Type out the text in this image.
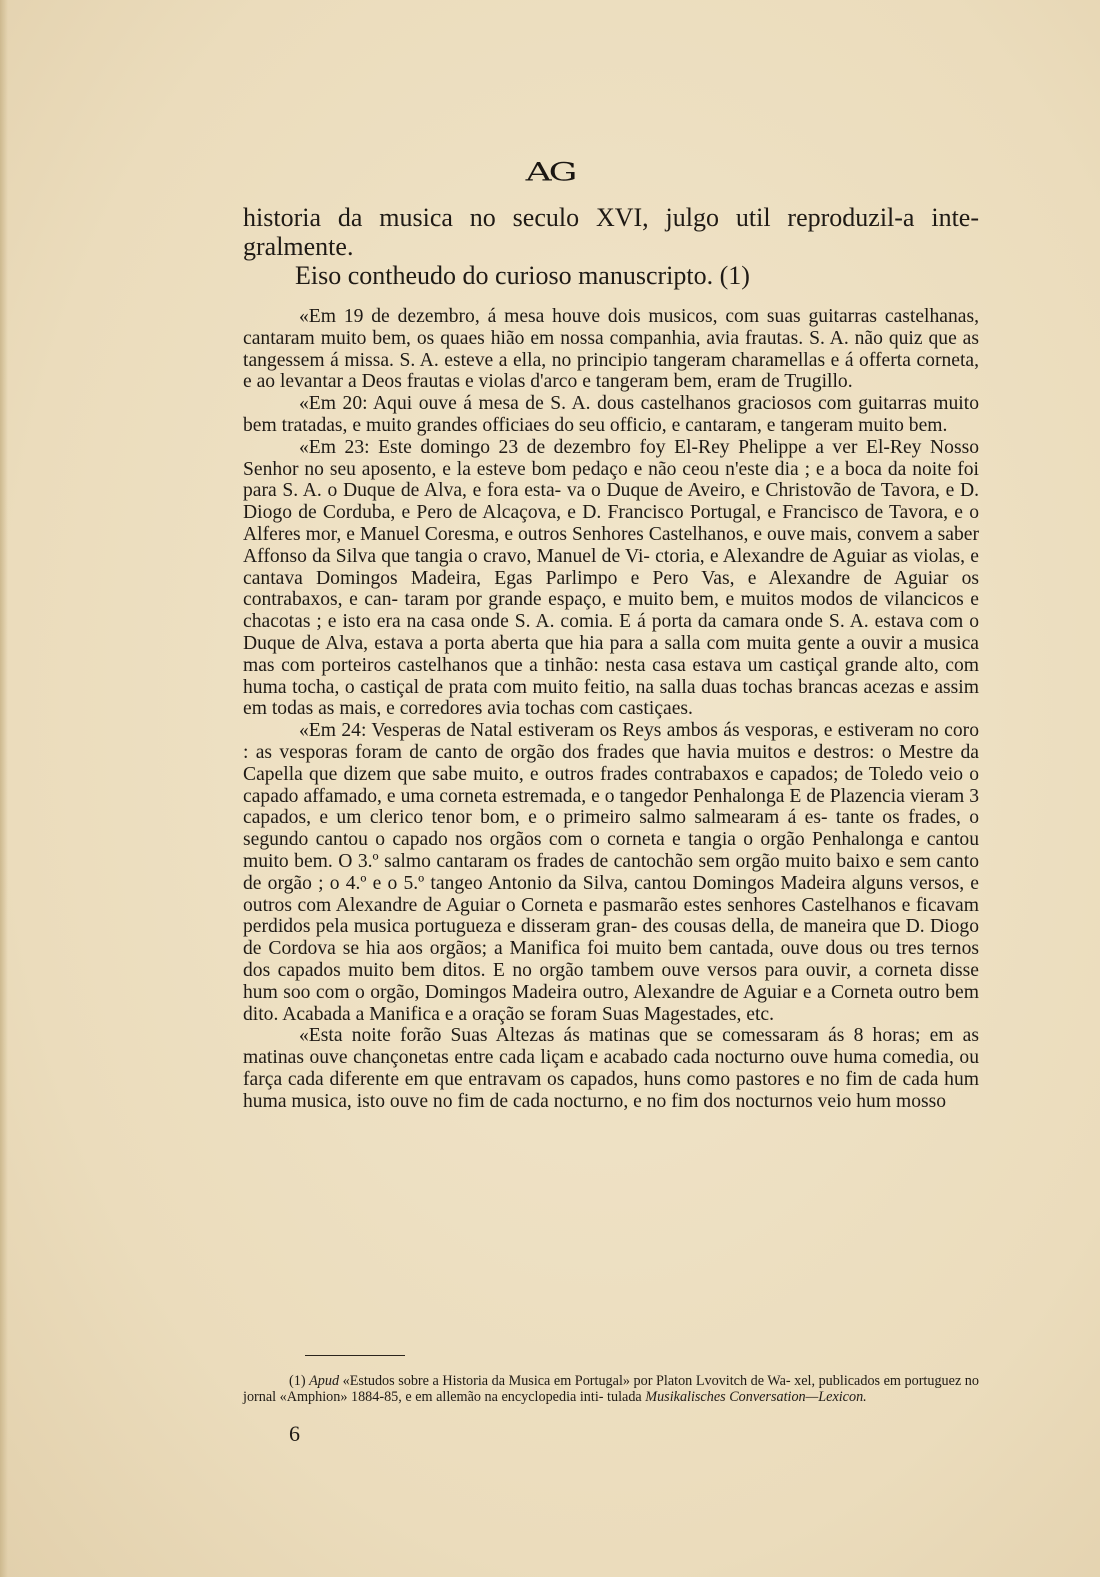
AG

historia da musica no seculo XVI, julgo util reproduzil-a inte- gralmente.

Eiso contheudo do curioso manuscripto. (1)

«Em 19 de dezembro, á mesa houve dois musicos, com suas guitarras castelhanas, cantaram muito bem, os quaes hião em nossa companhia, avia frautas. S. A. não quiz que as tangessem á missa. S. A. esteve a ella, no principio tangeram charamellas e á offerta corneta, e ao levantar a Deos frautas e violas d'arco e tangeram bem, eram de Trugillo.

«Em 20: Aqui ouve á mesa de S. A. dous castelhanos graciosos com guitarras muito bem tratadas, e muito grandes officiaes do seu officio, e cantaram, e tangeram muito bem.

«Em 23: Este domingo 23 de dezembro foy El-Rey Phelippe a ver El-Rey Nosso Senhor no seu aposento, e la esteve bom pedaço e não ceou n'este dia ; e a boca da noite foi para S. A. o Duque de Alva, e fora esta- va o Duque de Aveiro, e Christovão de Tavora, e D. Diogo de Corduba, e Pero de Alcaçova, e D. Francisco Portugal, e Francisco de Tavora, e o Alferes mor, e Manuel Coresma, e outros Senhores Castelhanos, e ouve mais, convem a saber Affonso da Silva que tangia o cravo, Manuel de Vi- ctoria, e Alexandre de Aguiar as violas, e cantava Domingos Madeira, Egas Parlimpo e Pero Vas, e Alexandre de Aguiar os contrabaxos, e can- taram por grande espaço, e muito bem, e muitos modos de vilancicos e chacotas ; e isto era na casa onde S. A. comia. E á porta da camara onde S. A. estava com o Duque de Alva, estava a porta aberta que hia para a salla com muita gente a ouvir a musica mas com porteiros castelhanos que a tinhão: nesta casa estava um castiçal grande alto, com huma tocha, o castiçal de prata com muito feitio, na salla duas tochas brancas acezas e assim em todas as mais, e corredores avia tochas com castiçaes.

«Em 24: Vesperas de Natal estiveram os Reys ambos ás vesporas, e estiveram no coro : as vesporas foram de canto de orgão dos frades que havia muitos e destros: o Mestre da Capella que dizem que sabe muito, e outros frades contrabaxos e capados; de Toledo veio o capado affamado, e uma corneta estremada, e o tangedor Penhalonga E de Plazencia vieram 3 capados, e um clerico tenor bom, e o primeiro salmo salmearam á es- tante os frades, o segundo cantou o capado nos orgãos com o corneta e tangia o orgão Penhalonga e cantou muito bem. O 3.º salmo cantaram os frades de cantochão sem orgão muito baixo e sem canto de orgão ; o 4.º e o 5.º tangeo Antonio da Silva, cantou Domingos Madeira alguns versos, e outros com Alexandre de Aguiar o Corneta e pasmarão estes senhores Castelhanos e ficavam perdidos pela musica portugueza e disseram gran- des cousas della, de maneira que D. Diogo de Cordova se hia aos orgãos; a Manifica foi muito bem cantada, ouve dous ou tres ternos dos capados muito bem ditos. E no orgão tambem ouve versos para ouvir, a corneta disse hum soo com o orgão, Domingos Madeira outro, Alexandre de Aguiar e a Corneta outro bem dito. Acabada a Manifica e a oração se foram Suas Magestades, etc.

«Esta noite forão Suas Altezas ás matinas que se comessaram ás 8 horas; em as matinas ouve chançonetas entre cada liçam e acabado cada nocturno ouve huma comedia, ou farça cada diferente em que entravam os capados, huns como pastores e no fim de cada hum huma musica, isto ouve no fim de cada nocturno, e no fim dos nocturnos veio hum mosso

(1) Apud «Estudos sobre a Historia da Musica em Portugal» por Platon Lvovitch de Wa- xel, publicados em portuguez no jornal «Amphion» 1884-85, e em allemão na encyclopedia inti- tulada Musikalisches Conversation—Lexicon.

6
